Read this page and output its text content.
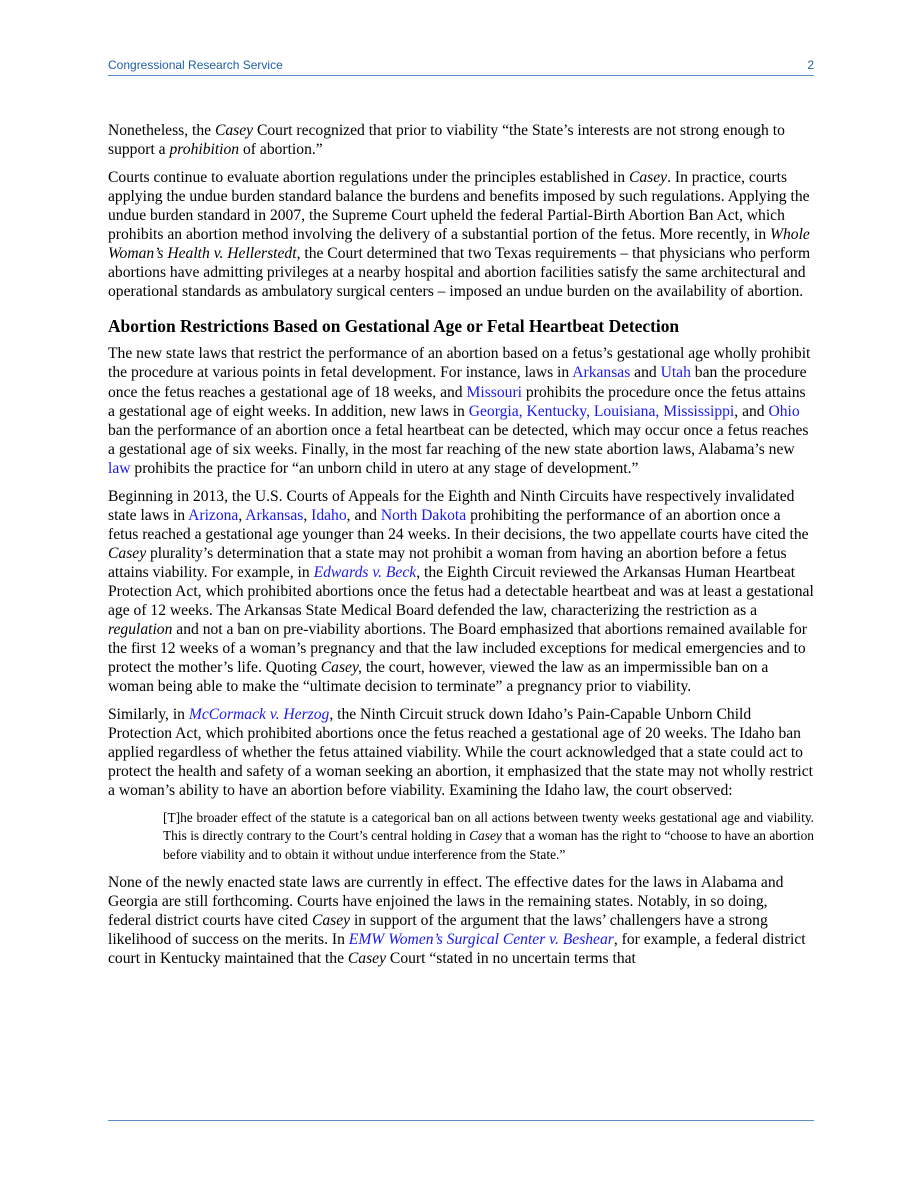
Congressional Research Service	2

Nonetheless, the Casey Court recognized that prior to viability “the State’s interests are not strong enough to support a prohibition of abortion.”

Courts continue to evaluate abortion regulations under the principles established in Casey. In practice, courts applying the undue burden standard balance the burdens and benefits imposed by such regulations. Applying the undue burden standard in 2007, the Supreme Court upheld the federal Partial-Birth Abortion Ban Act, which prohibits an abortion method involving the delivery of a substantial portion of the fetus. More recently, in Whole Woman’s Health v. Hellerstedt, the Court determined that two Texas requirements – that physicians who perform abortions have admitting privileges at a nearby hospital and abortion facilities satisfy the same architectural and operational standards as ambulatory surgical centers – imposed an undue burden on the availability of abortion.

Abortion Restrictions Based on Gestational Age or Fetal Heartbeat Detection

The new state laws that restrict the performance of an abortion based on a fetus’s gestational age wholly prohibit the procedure at various points in fetal development. For instance, laws in Arkansas and Utah ban the procedure once the fetus reaches a gestational age of 18 weeks, and Missouri prohibits the procedure once the fetus attains a gestational age of eight weeks. In addition, new laws in Georgia, Kentucky, Louisiana, Mississippi, and Ohio ban the performance of an abortion once a fetal heartbeat can be detected, which may occur once a fetus reaches a gestational age of six weeks. Finally, in the most far reaching of the new state abortion laws, Alabama’s new law prohibits the practice for “an unborn child in utero at any stage of development.”

Beginning in 2013, the U.S. Courts of Appeals for the Eighth and Ninth Circuits have respectively invalidated state laws in Arizona, Arkansas, Idaho, and North Dakota prohibiting the performance of an abortion once a fetus reached a gestational age younger than 24 weeks. In their decisions, the two appellate courts have cited the Casey plurality’s determination that a state may not prohibit a woman from having an abortion before a fetus attains viability. For example, in Edwards v. Beck, the Eighth Circuit reviewed the Arkansas Human Heartbeat Protection Act, which prohibited abortions once the fetus had a detectable heartbeat and was at least a gestational age of 12 weeks. The Arkansas State Medical Board defended the law, characterizing the restriction as a regulation and not a ban on pre-viability abortions. The Board emphasized that abortions remained available for the first 12 weeks of a woman’s pregnancy and that the law included exceptions for medical emergencies and to protect the mother’s life. Quoting Casey, the court, however, viewed the law as an impermissible ban on a woman being able to make the “ultimate decision to terminate” a pregnancy prior to viability.

Similarly, in McCormack v. Herzog, the Ninth Circuit struck down Idaho’s Pain-Capable Unborn Child Protection Act, which prohibited abortions once the fetus reached a gestational age of 20 weeks. The Idaho ban applied regardless of whether the fetus attained viability. While the court acknowledged that a state could act to protect the health and safety of a woman seeking an abortion, it emphasized that the state may not wholly restrict a woman’s ability to have an abortion before viability. Examining the Idaho law, the court observed:

[T]he broader effect of the statute is a categorical ban on all actions between twenty weeks gestational age and viability. This is directly contrary to the Court’s central holding in Casey that a woman has the right to “choose to have an abortion before viability and to obtain it without undue interference from the State.”

None of the newly enacted state laws are currently in effect. The effective dates for the laws in Alabama and Georgia are still forthcoming. Courts have enjoined the laws in the remaining states. Notably, in so doing, federal district courts have cited Casey in support of the argument that the laws’ challengers have a strong likelihood of success on the merits. In EMW Women’s Surgical Center v. Beshear, for example, a federal district court in Kentucky maintained that the Casey Court “stated in no uncertain terms that
